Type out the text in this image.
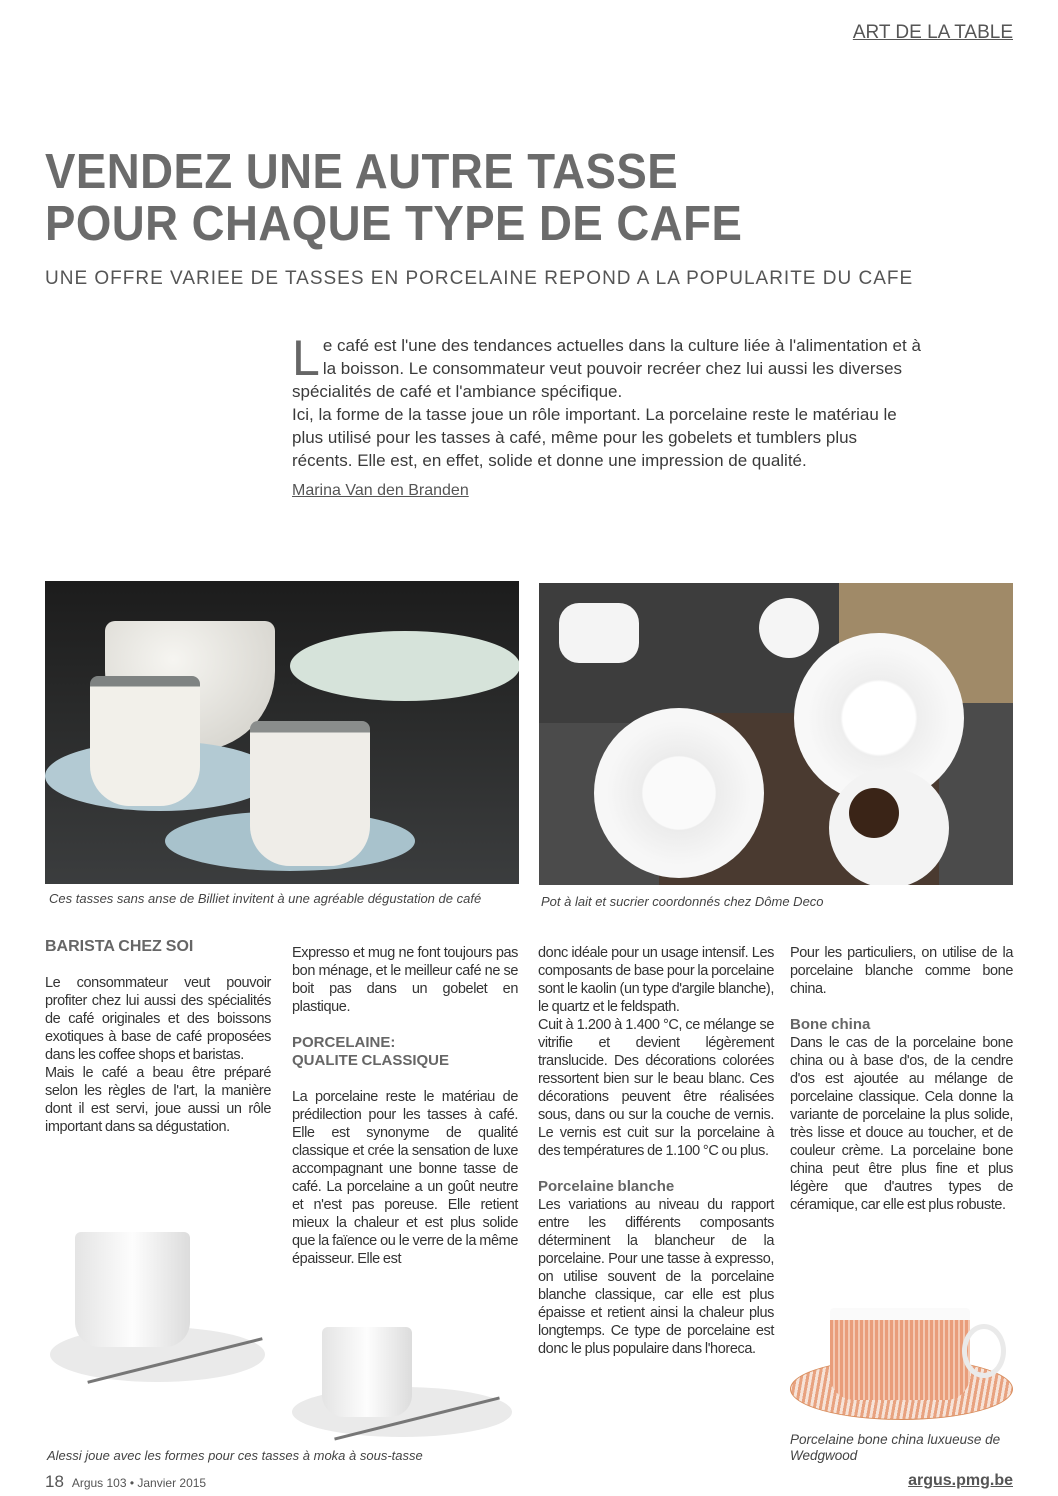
ART DE LA TABLE
VENDEZ UNE AUTRE TASSE
POUR CHAQUE TYPE DE CAFE
UNE OFFRE VARIEE DE TASSES EN PORCELAINE REPOND A LA POPULARITE DU CAFE
L e café est l'une des tendances actuelles dans la culture liée à l'alimentation et à la boisson. Le consommateur veut pouvoir recréer chez lui aussi les diverses spécialités de café et l'ambiance spécifique.
Ici, la forme de la tasse joue un rôle important. La porcelaine reste le matériau le plus utilisé pour les tasses à café, même pour les gobelets et tumblers plus récents. Elle est, en effet, solide et donne une impression de qualité.
Marina Van den Branden
Ces tasses sans anse de Billiet invitent à une agréable dégustation de café	Pot à lait et sucrier coordonnés chez Dôme Deco
BARISTA CHEZ SOI

Le consommateur veut pouvoir profiter chez lui aussi des spécialités de café originales et des boissons exotiques à base de café proposées dans les coffee shops et baristas.

Mais le café a beau être préparé selon les règles de l'art, la manière dont il est servi, joue aussi un rôle important dans sa dégustation.

Expresso et mug ne font toujours pas bon ménage, et le meilleur café ne se boit pas dans un gobelet en plastique.

PORCELAINE: QUALITE CLASSIQUE

La porcelaine reste le matériau de prédilection pour les tasses à café. Elle est synonyme de qualité classique et crée la sensation de luxe accompagnant une bonne tasse de café. La porcelaine a un goût neutre et n'est pas poreuse. Elle retient mieux la chaleur et est plus solide que la faïence ou le verre de la même épaisseur. Elle est

Alessi joue avec les formes pour ces tasses à moka à sous-tasse

donc idéale pour un usage intensif. Les composants de base pour la porcelaine sont le kaolin (un type d'argile blanche), le quartz et le feldspath.

Cuit à 1.200 à 1.400 °C, ce mélange se vitrifie et devient légèrement translucide. Des décorations colorées ressortent bien sur le beau blanc. Ces décorations peuvent être réalisées sous, dans ou sur la couche de vernis. Le vernis est cuit sur la porcelaine à des températures de 1.100 °C ou plus.

Porcelaine blanche

Les variations au niveau du rapport entre les différents composants déterminent la blancheur de la porcelaine. Pour une tasse à expresso, on utilise souvent de la porcelaine blanche classique, car elle est plus épaisse et retient ainsi la chaleur plus longtemps. Ce type de porcelaine est donc le plus populaire dans l'horeca.

Pour les particuliers, on utilise de la porcelaine blanche comme bone china.

Bone china

Dans le cas de la porcelaine bone china ou à base d'os, de la cendre d'os est ajoutée au mélange de porcelaine classique. Cela donne la variante de porcelaine la plus solide, très lisse et douce au toucher, et de couleur crème. La porcelaine bone china peut être plus fine et plus légère que d'autres types de céramique, car elle est plus robuste.

Porcelaine bone china luxueuse de Wedgwood
18 Argus 103 • Janvier 2015	argus.pmg.be
